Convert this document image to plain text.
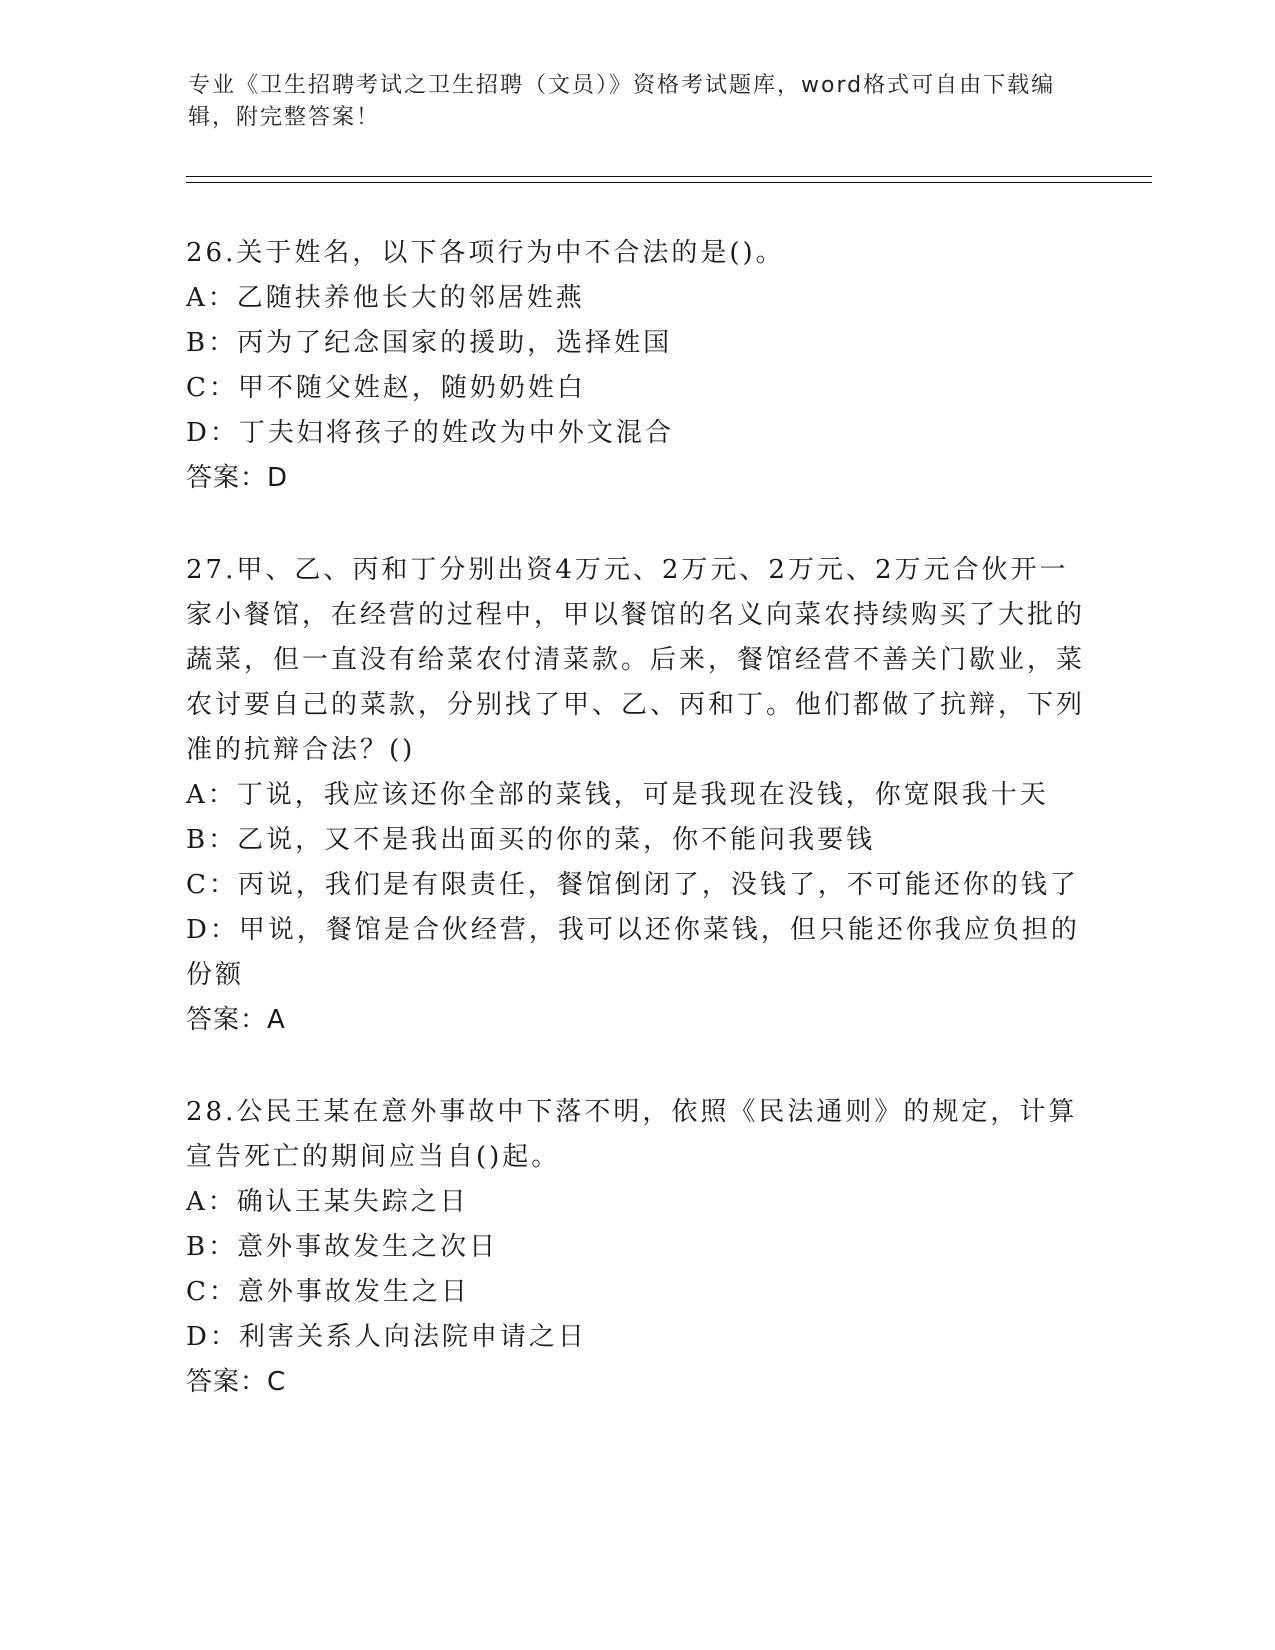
专业《卫生招聘考试之卫生招聘（文员）》资格考试题库，word格式可自由下载编辑，附完整答案！
26.关于姓名，以下各项行为中不合法的是()。
A：乙随扶养他长大的邻居姓燕
B：丙为了纪念国家的援助，选择姓国
C：甲不随父姓赵，随奶奶姓白
D：丁夫妇将孩子的姓改为中外文混合
答案：D
27.甲、乙、丙和丁分别出资4万元、2万元、2万元、2万元合伙开一家小餐馆，在经营的过程中，甲以餐馆的名义向菜农持续购买了大批的蔬菜，但一直没有给菜农付清菜款。后来，餐馆经营不善关门歇业，菜农讨要自己的菜款，分别找了甲、乙、丙和丁。他们都做了抗辩，下列准的抗辩合法？()
A：丁说，我应该还你全部的菜钱，可是我现在没钱，你宽限我十天
B：乙说，又不是我出面买的你的菜，你不能问我要钱
C：丙说，我们是有限责任，餐馆倒闭了，没钱了，不可能还你的钱了
D：甲说，餐馆是合伙经营，我可以还你菜钱，但只能还你我应负担的份额
答案：A
28.公民王某在意外事故中下落不明，依照《民法通则》的规定，计算宣告死亡的期间应当自()起。
A：确认王某失踪之日
B：意外事故发生之次日
C：意外事故发生之日
D：利害关系人向法院申请之日
答案：C
